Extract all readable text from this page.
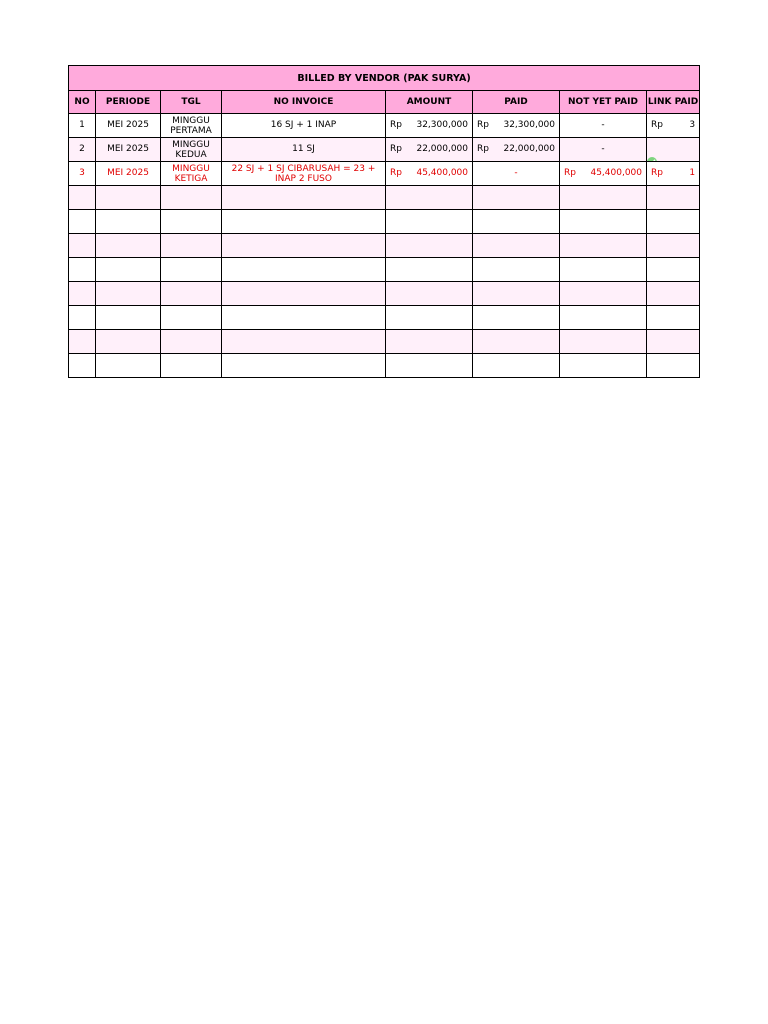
BILLED BY VENDOR (PAK SURYA)							
NO	PERIODE	TGL	NO INVOICE	AMOUNT	PAID	NOT YET PAID	LINK PAID
1	MEI 2025	MINGGU PERTAMA	16 SJ + 1 INAP	Rp 32,300,000	Rp 32,300,000	-	Rp 3

2	MEI 2025	MINGGU KEDUA	11 SJ	Rp 22,000,000	Rp 22,000,000	-	

3	MEI 2025	MINGGU KETIGA	22 SJ + 1 SJ CIBARUSAH = 23 + INAP 2 FUSO	Rp 45,400,000	-	Rp 45,400,000	Rp 1
